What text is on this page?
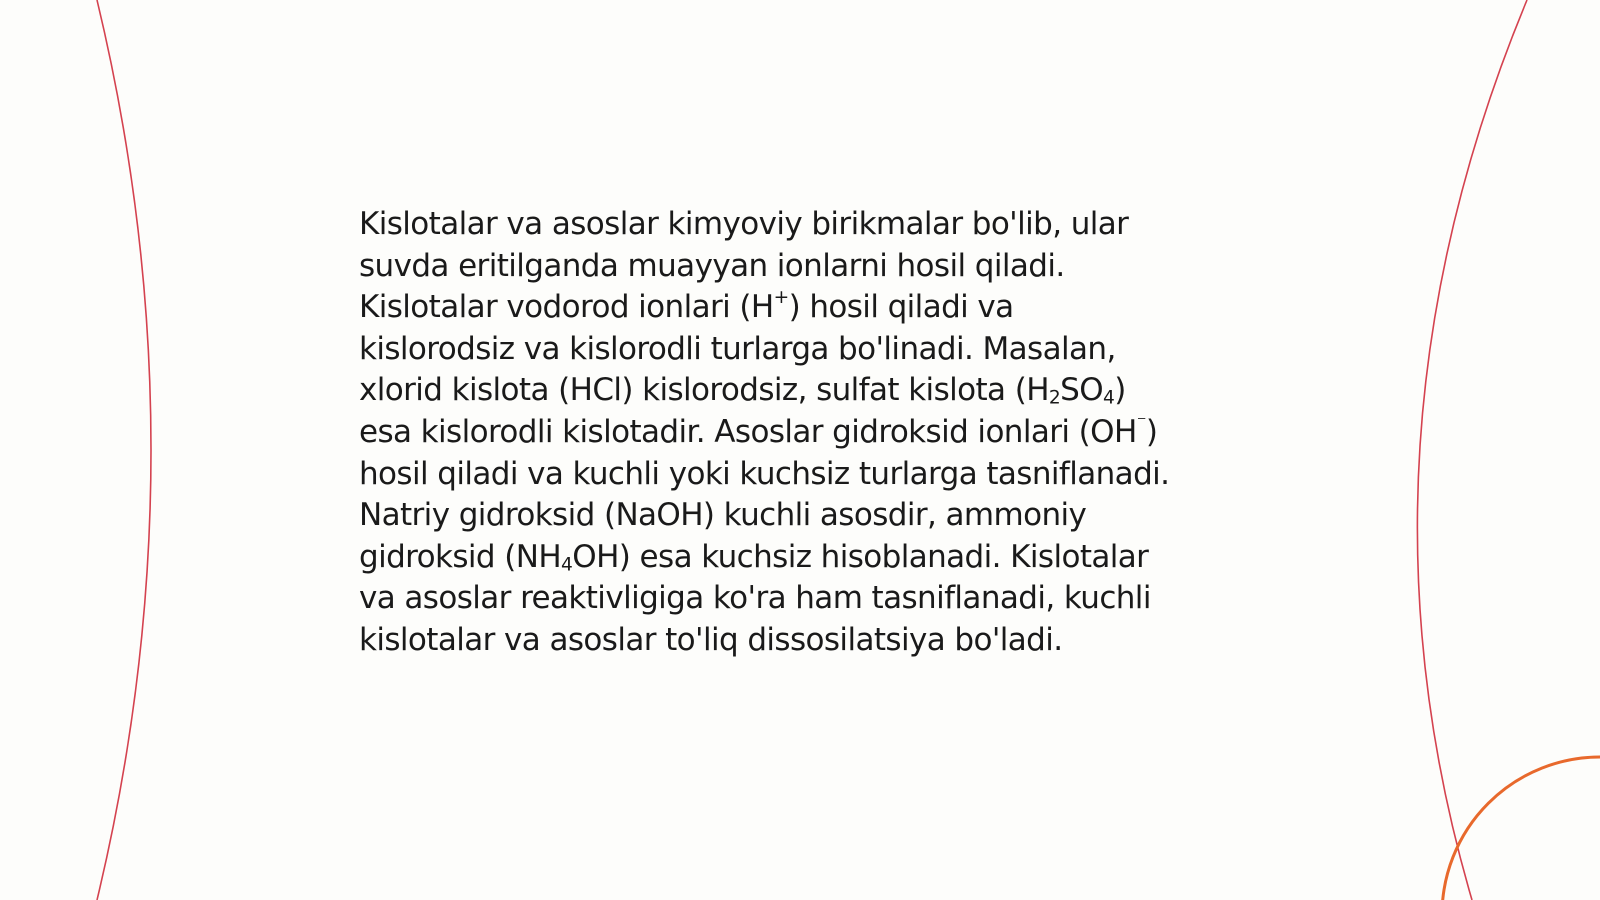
Kislotalar va asoslar kimyoviy birikmalar bo'lib, ular
suvda eritilganda muayyan ionlarni hosil qiladi.
Kislotalar vodorod ionlari (H+) hosil qiladi va
kislorodsiz va kislorodli turlarga bo'linadi. Masalan,
xlorid kislota (HCl) kislorodsiz, sulfat kislota (H2SO4)
esa kislorodli kislotadir. Asoslar gidroksid ionlari (OH⁻)
hosil qiladi va kuchli yoki kuchsiz turlarga tasniflanadi.
Natriy gidroksid (NaOH) kuchli asosdir, ammoniy
gidroksid (NH4OH) esa kuchsiz hisoblanadi. Kislotalar
va asoslar reaktivligiga ko'ra ham tasniflanadi, kuchli
kislotalar va asoslar to'liq dissosilatsiya bo'ladi.
